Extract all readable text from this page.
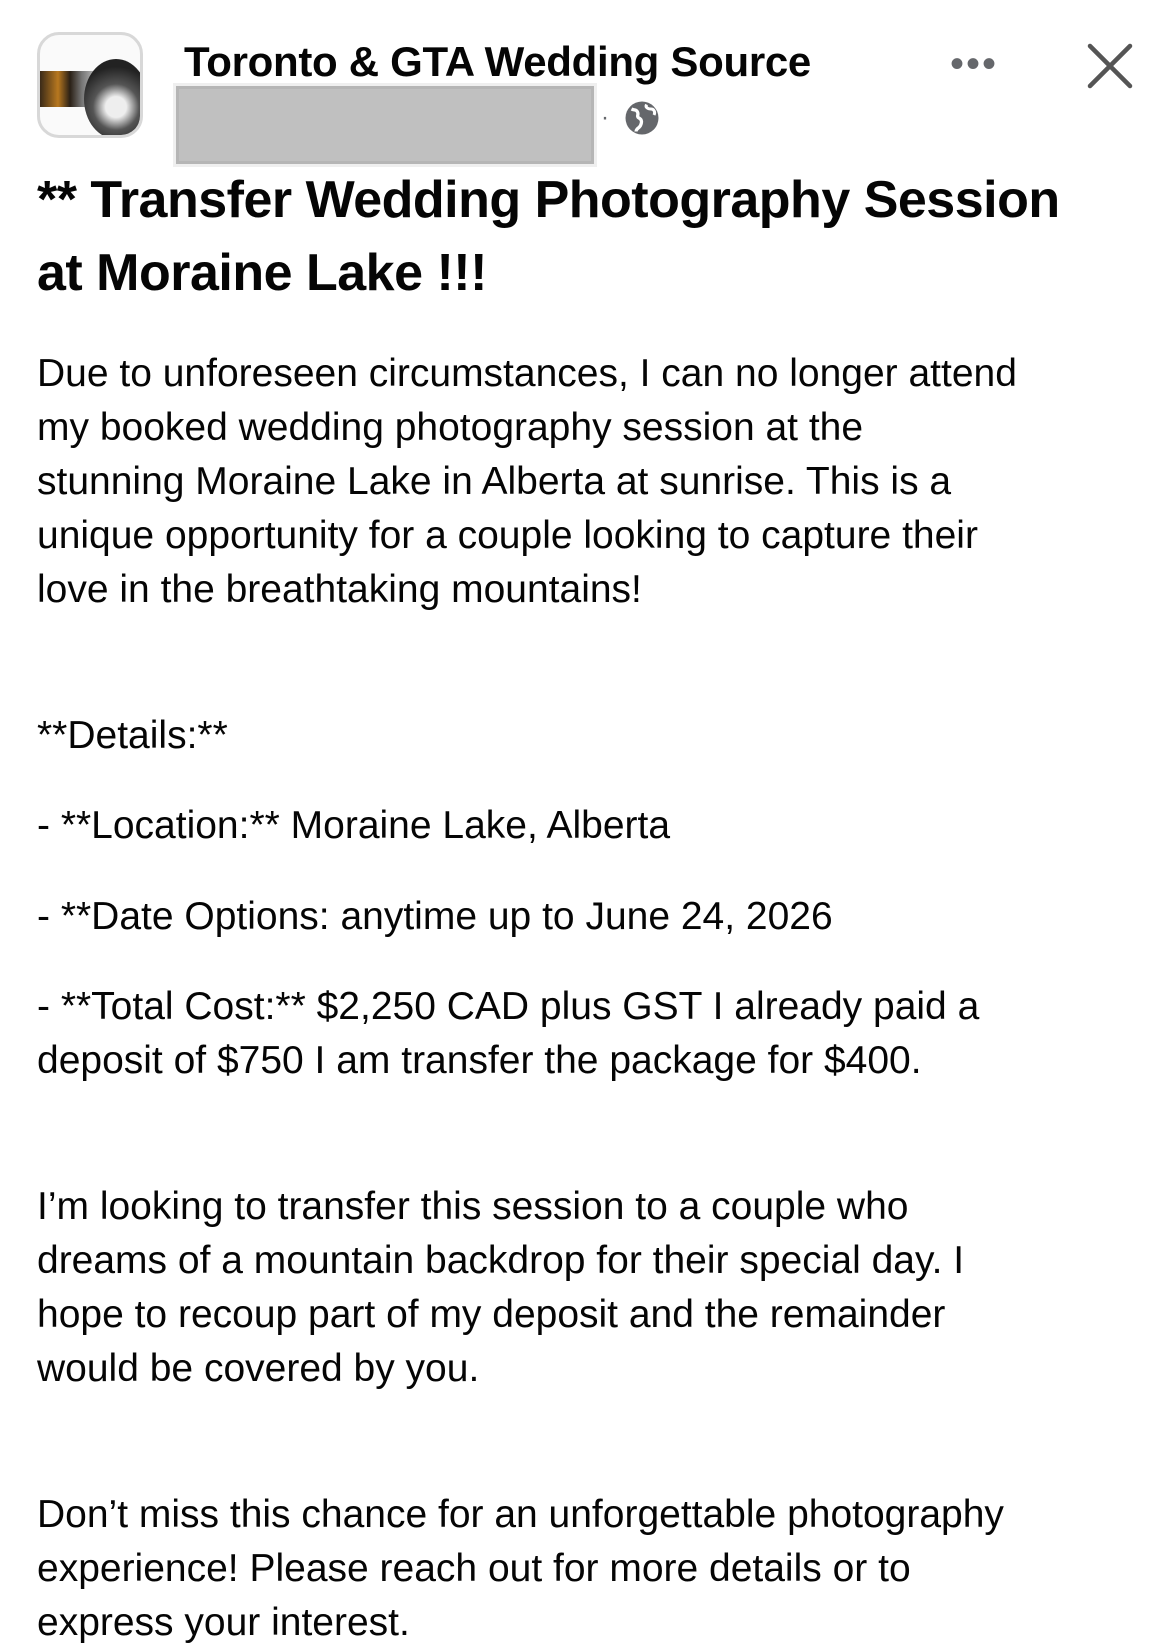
Toronto & GTA Wedding Source
·
•••
** Transfer Wedding Photography Session
at Moraine Lake !!!
Due to unforeseen circumstances, I can no longer attend
my booked wedding photography session at the
stunning Moraine Lake in Alberta at sunrise. This is a
unique opportunity for a couple looking to capture their
love in the breathtaking mountains!
**Details:**
- **Location:** Moraine Lake, Alberta
- **Date Options: anytime up to June 24, 2026
- **Total Cost:** $2,250 CAD plus GST I already paid a
deposit of $750 I am transfer the package for $400.
I’m looking to transfer this session to a couple who
dreams of a mountain backdrop for their special day. I
hope to recoup part of my deposit and the remainder
would be covered by you.
Don’t miss this chance for an unforgettable photography
experience! Please reach out for more details or to
express your interest.
